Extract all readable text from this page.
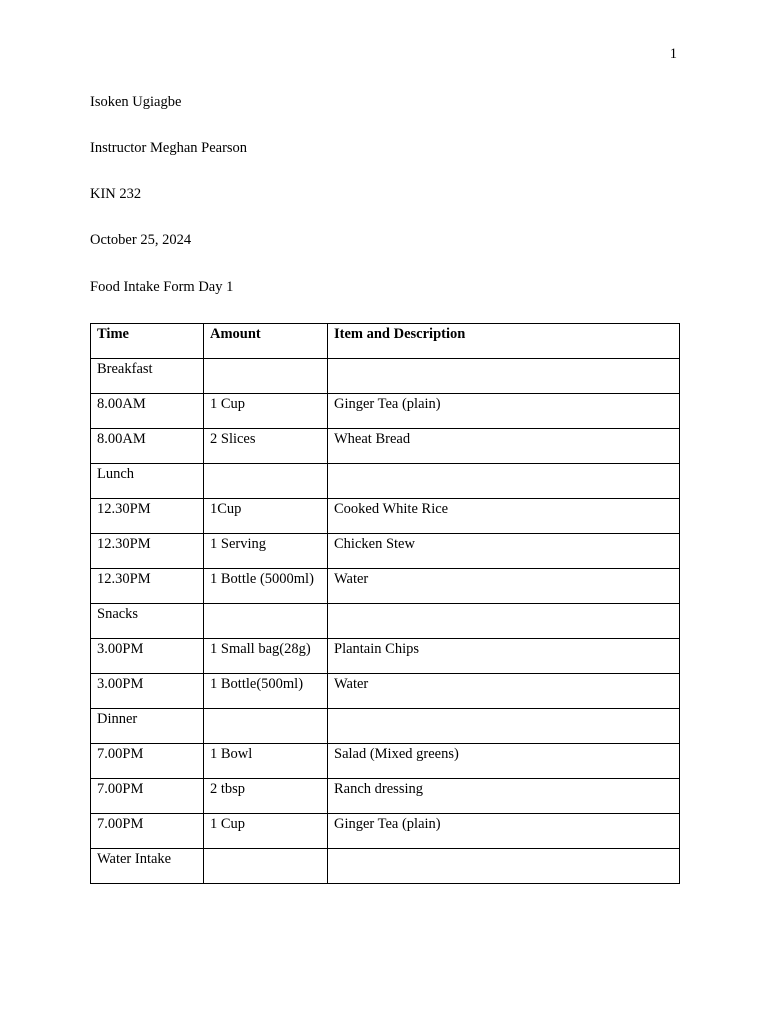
1
Isoken Ugiagbe
Instructor Meghan Pearson
KIN 232
October 25, 2024
Food Intake Form Day 1
Time	Amount	Item and Description
Breakfast		
8.00AM	1 Cup	Ginger Tea (plain)
8.00AM	2 Slices	Wheat Bread
Lunch		
12.30PM	1Cup	Cooked White Rice
12.30PM	1 Serving	Chicken Stew
12.30PM	1 Bottle (5000ml)	Water
Snacks		
3.00PM	1 Small bag(28g)	Plantain Chips
3.00PM	1 Bottle(500ml)	Water
Dinner		
7.00PM	1 Bowl	Salad (Mixed greens)
7.00PM	2 tbsp	Ranch dressing
7.00PM	1 Cup	Ginger Tea (plain)
Water Intake		
